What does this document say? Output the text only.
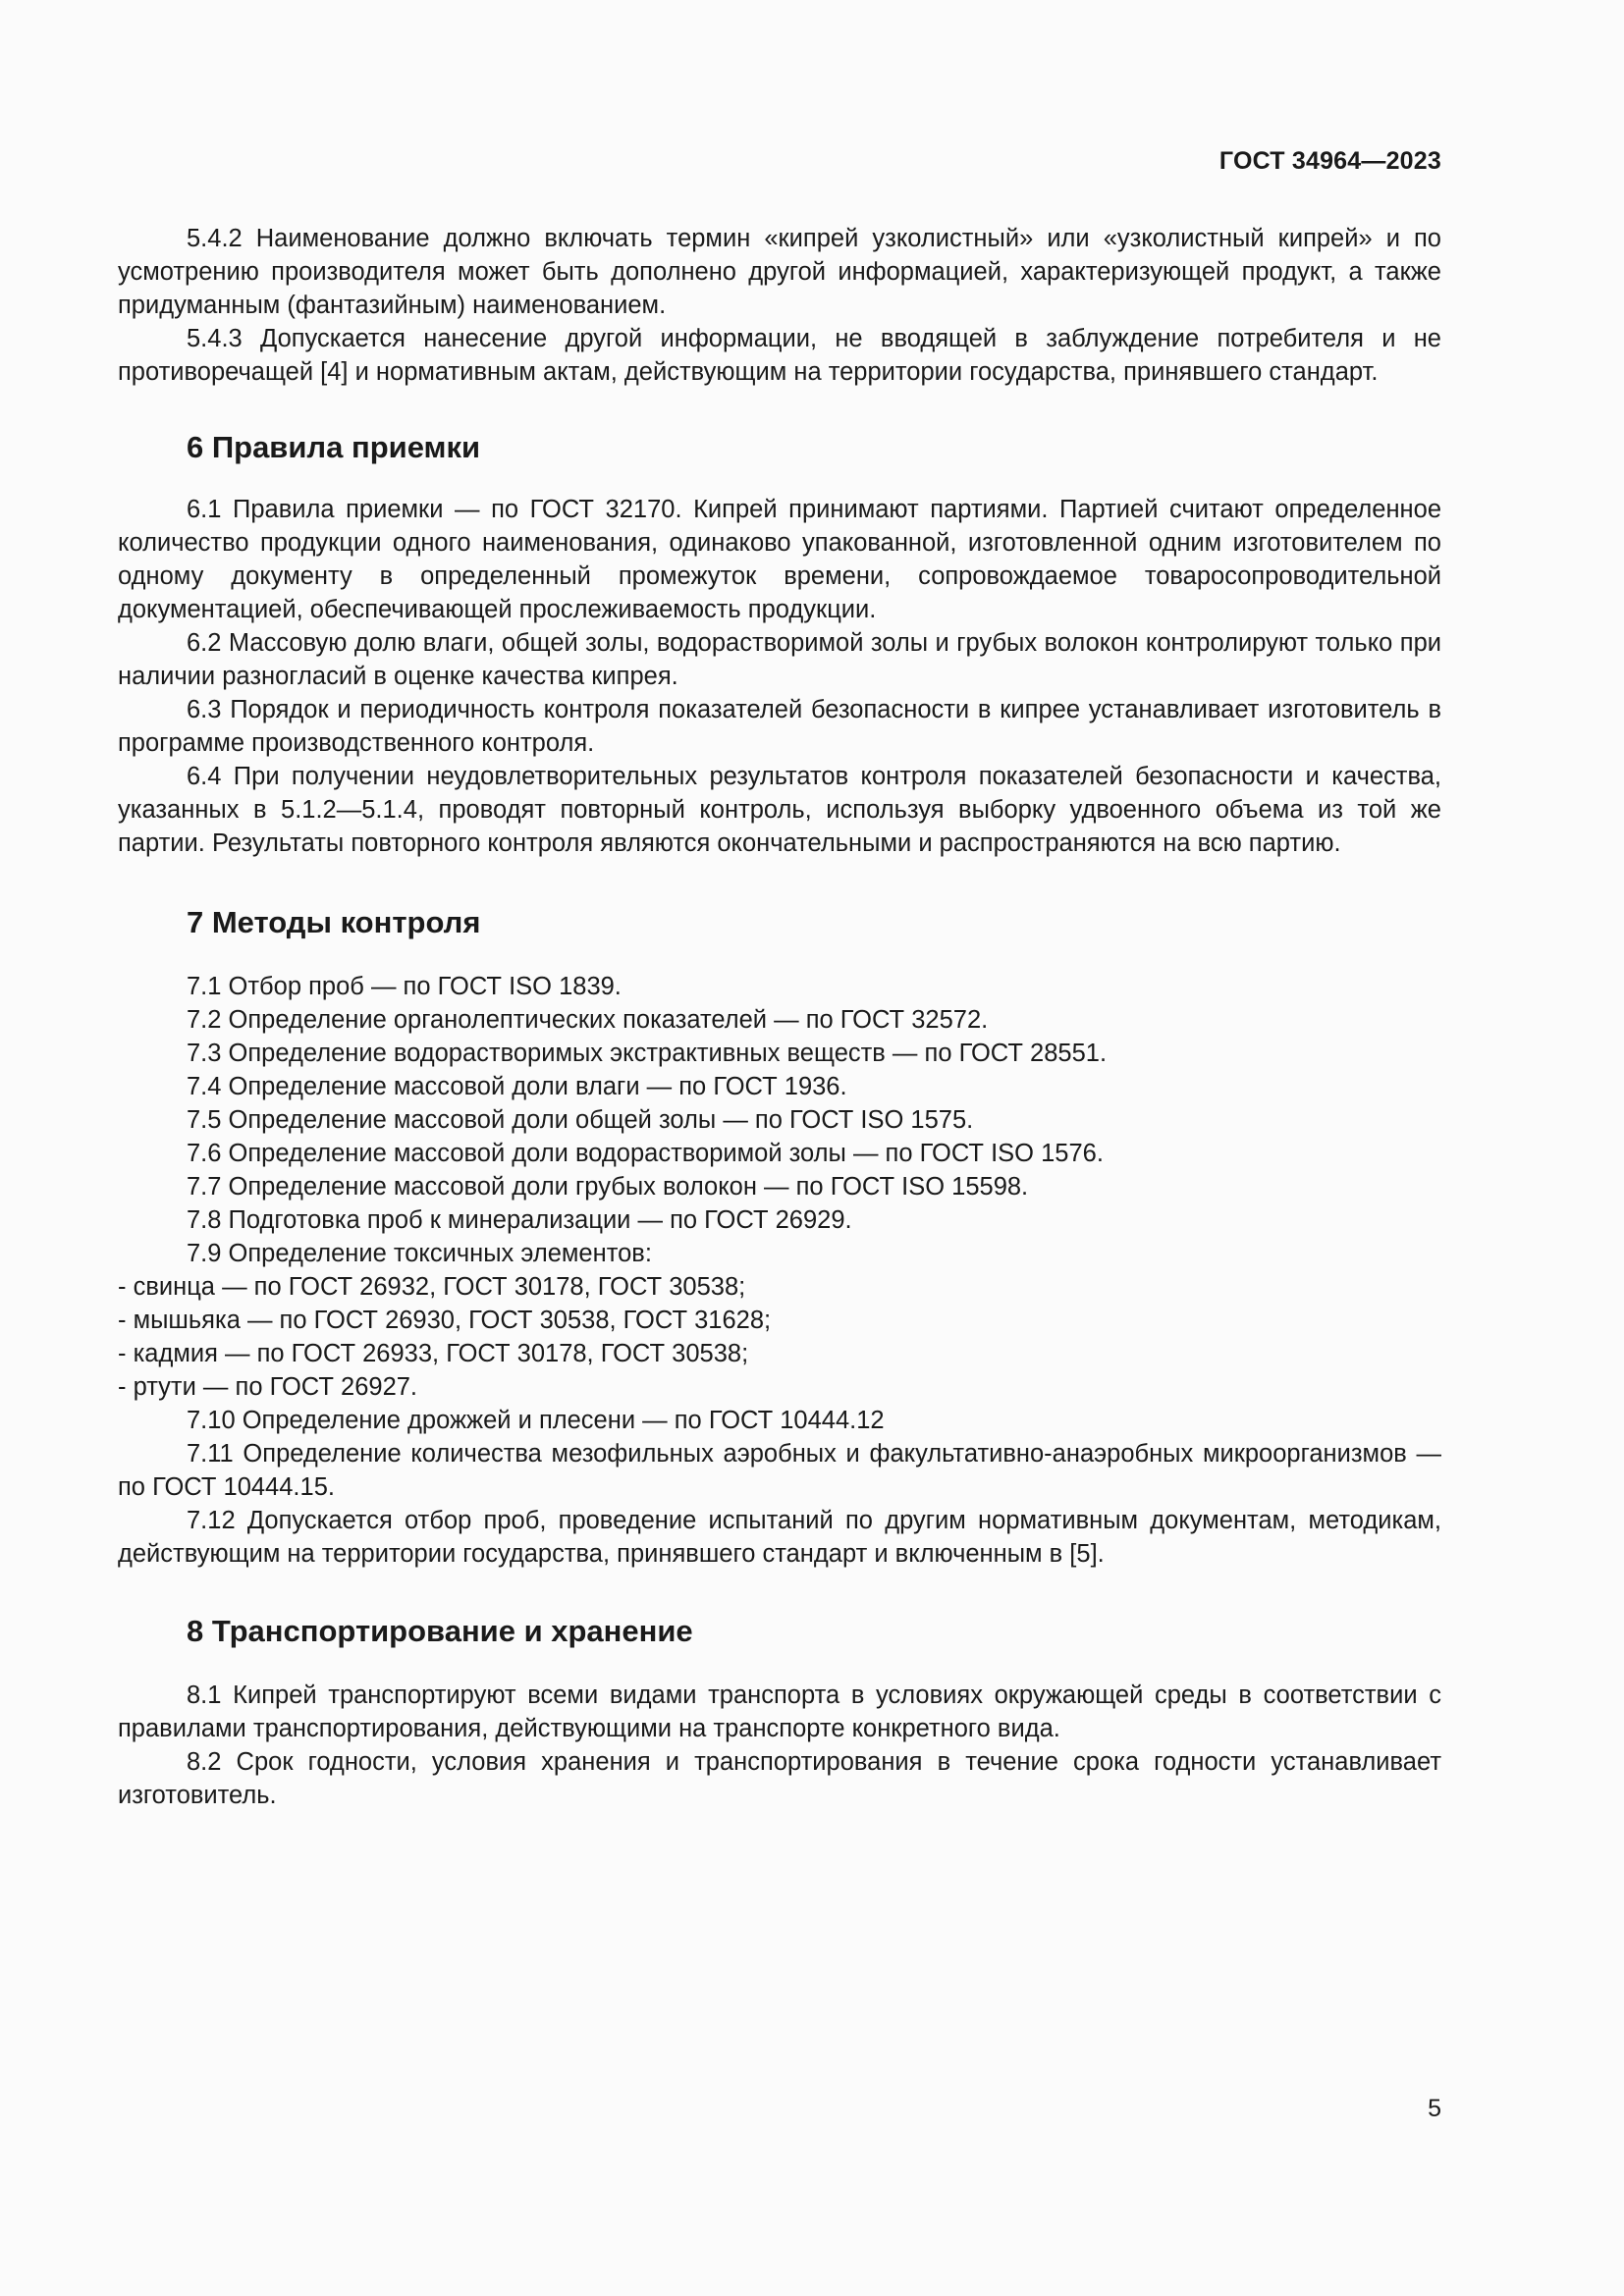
ГОСТ 34964—2023

5.4.2 Наименование должно включать термин «кипрей узколистный» или «узколистный кипрей» и по усмотрению производителя может быть дополнено другой информацией, характеризующей продукт, а также придуманным (фантазийным) наименованием.

5.4.3 Допускается нанесение другой информации, не вводящей в заблуждение потребителя и не противоречащей [4] и нормативным актам, действующим на территории государства, принявшего стандарт.

6 Правила приемки

6.1 Правила приемки — по ГОСТ 32170. Кипрей принимают партиями. Партией считают определенное количество продукции одного наименования, одинаково упакованной, изготовленной одним изготовителем по одному документу в определенный промежуток времени, сопровождаемое товаросопроводительной документацией, обеспечивающей прослеживаемость продукции.

6.2 Массовую долю влаги, общей золы, водорастворимой золы и грубых волокон контролируют только при наличии разногласий в оценке качества кипрея.

6.3 Порядок и периодичность контроля показателей безопасности в кипрее устанавливает изготовитель в программе производственного контроля.

6.4 При получении неудовлетворительных результатов контроля показателей безопасности и качества, указанных в 5.1.2—5.1.4, проводят повторный контроль, используя выборку удвоенного объема из той же партии. Результаты повторного контроля являются окончательными и распространяются на всю партию.

7 Методы контроля

7.1 Отбор проб — по ГОСТ ISO 1839.

7.2 Определение органолептических показателей — по ГОСТ 32572.

7.3 Определение водорастворимых экстрактивных веществ — по ГОСТ 28551.

7.4 Определение массовой доли влаги — по ГОСТ 1936.

7.5 Определение массовой доли общей золы — по ГОСТ ISO 1575.

7.6 Определение массовой доли водорастворимой золы — по ГОСТ ISO 1576.

7.7 Определение массовой доли грубых волокон — по ГОСТ ISO 15598.

7.8 Подготовка проб к минерализации — по ГОСТ 26929.

7.9 Определение токсичных элементов:

- свинца — по ГОСТ 26932, ГОСТ 30178, ГОСТ 30538;

- мышьяка — по ГОСТ 26930, ГОСТ 30538, ГОСТ 31628;

- кадмия — по ГОСТ 26933, ГОСТ 30178, ГОСТ 30538;

- ртути — по ГОСТ 26927.

7.10 Определение дрожжей и плесени — по ГОСТ 10444.12

7.11 Определение количества мезофильных аэробных и факультативно-анаэробных микроорганизмов — по ГОСТ 10444.15.

7.12 Допускается отбор проб, проведение испытаний по другим нормативным документам, методикам, действующим на территории государства, принявшего стандарт и включенным в [5].

8 Транспортирование и хранение

8.1 Кипрей транспортируют всеми видами транспорта в условиях окружающей среды в соответствии с правилами транспортирования, действующими на транспорте конкретного вида.

8.2 Срок годности, условия хранения и транспортирования в течение срока годности устанавливает изготовитель.

5
